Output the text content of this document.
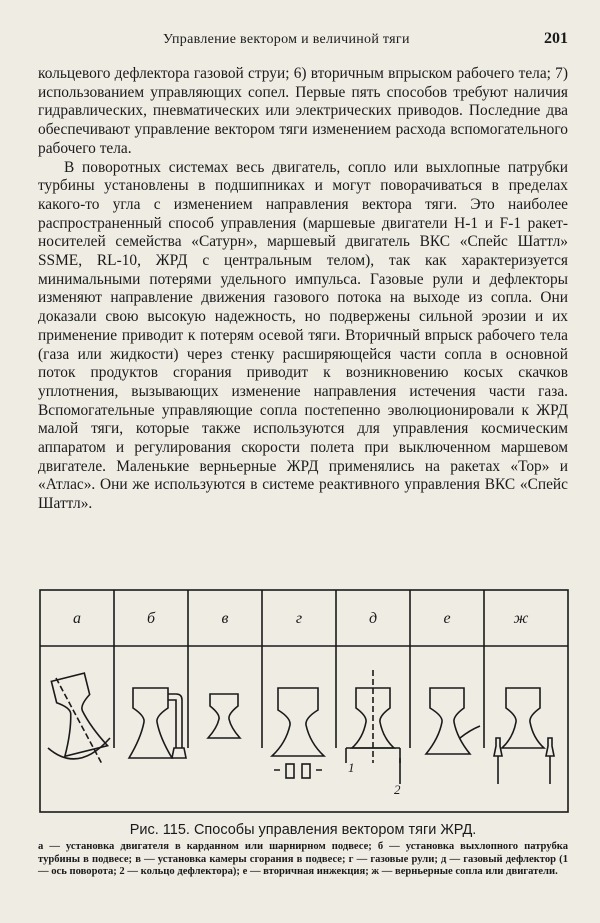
Управление вектором и величиной тяги	201

кольцевого дефлектора газовой струи; 6) вторичным впрыском рабочего тела; 7) использованием управляющих сопел. Первые пять способов требуют наличия гидравлических, пневматических или электрических приводов. Последние два обеспечивают управление вектором тяги изменением расхода вспомогательного рабочего тела.

В поворотных системах весь двигатель, сопло или выхлопные патрубки турбины установлены в подшипниках и могут поворачиваться в пределах какого-то угла с изменением направления вектора тяги. Это наиболее распространенный способ управления (маршевые двигатели H-1 и F-1 ракет-носителей семейства «Сатурн», маршевый двигатель ВКС «Спейс Шаттл» SSME, RL-10, ЖРД с центральным телом), так как характеризуется минимальными потерями удельного импульса. Газовые рули и дефлекторы изменяют направление движения газового потока на выходе из сопла. Они доказали свою высокую надежность, но подвержены сильной эрозии и их применение приводит к потерям осевой тяги. Вторичный впрыск рабочего тела (газа или жидкости) через стенку расширяющейся части сопла в основной поток продуктов сгорания приводит к возникновению косых скачков уплотнения, вызывающих изменение направления истечения части газа. Вспомогательные управляющие сопла постепенно эволюционировали к ЖРД малой тяги, которые также используются для управления космическим аппаратом и регулирования скорости полета при выключенном маршевом двигателе. Маленькие верньерные ЖРД применялись на ракетах «Тор» и «Атлас». Они же используются в системе реактивного управления ВКС «Спейс Шаттл».

а	б	в	г	д	е	ж
1
2
Рис. 115. Способы управления вектором тяги ЖРД.
а — установка двигателя в карданном или шарнирном подвесе; б — установка выхлопного патрубка турбины в подвесе; в — установка камеры сгорания в подвесе; г — газовые рули; д — газовый дефлектор (1 — ось поворота; 2 — кольцо дефлектора); е — вторичная инжекция; ж — верньерные сопла или двигатели.
